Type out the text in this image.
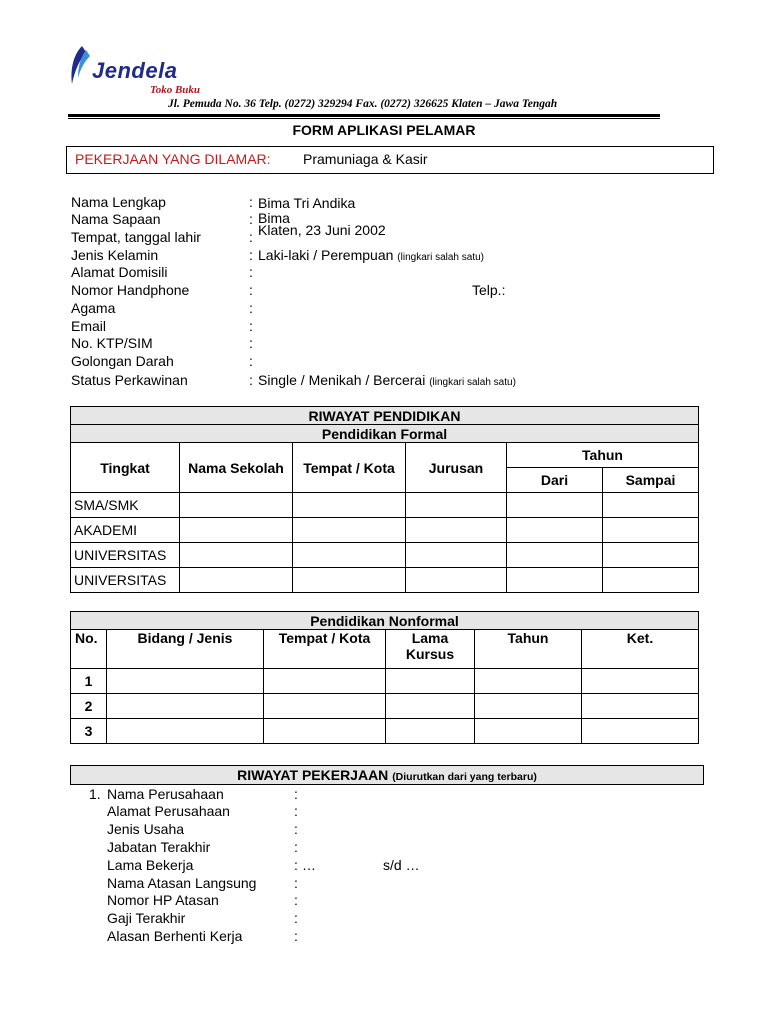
Jendela
Toko Buku
Jl. Pemuda No. 36 Telp. (0272) 329294 Fax. (0272) 326625 Klaten – Jawa Tengah
FORM APLIKASI PELAMAR
PEKERJAAN YANG DILAMAR: Pramuniaga & Kasir
Nama Lengkap	: Bima Tri Andika
Nama Sapaan	: Bima
Tempat, tanggal lahir	: Klaten, 23 Juni 2002
Jenis Kelamin	: Laki-laki / Perempuan (lingkari salah satu)
Alamat Domisili	:
Nomor Handphone	:	Telp.:
Agama	:
Email	:
No. KTP/SIM	:
Golongan Darah	:
Status Perkawinan	: Single / Menikah / Bercerai (lingkari salah satu)
RIWAYAT PENDIDIKAN					
Pendidikan Formal					
Tingkat	Nama Sekolah	Tempat / Kota	Jurusan	Tahun	
				Dari	Sampai
SMA/SMK					
AKADEMI					
UNIVERSITAS					
UNIVERSITAS					
Pendidikan Nonformal					
No.	Bidang / Jenis	Tempat / Kota	Lama Kursus	Tahun	Ket.
1					
2					
3					
RIWAYAT PEKERJAAN (Diurutkan dari yang terbaru)
1. Nama Perusahaan	:
Alamat Perusahaan	:
Jenis Usaha	:
Jabatan Terakhir	:
Lama Bekerja	: …	s/d …
Nama Atasan Langsung	:
Nomor HP Atasan	:
Gaji Terakhir	:
Alasan Berhenti Kerja	:
